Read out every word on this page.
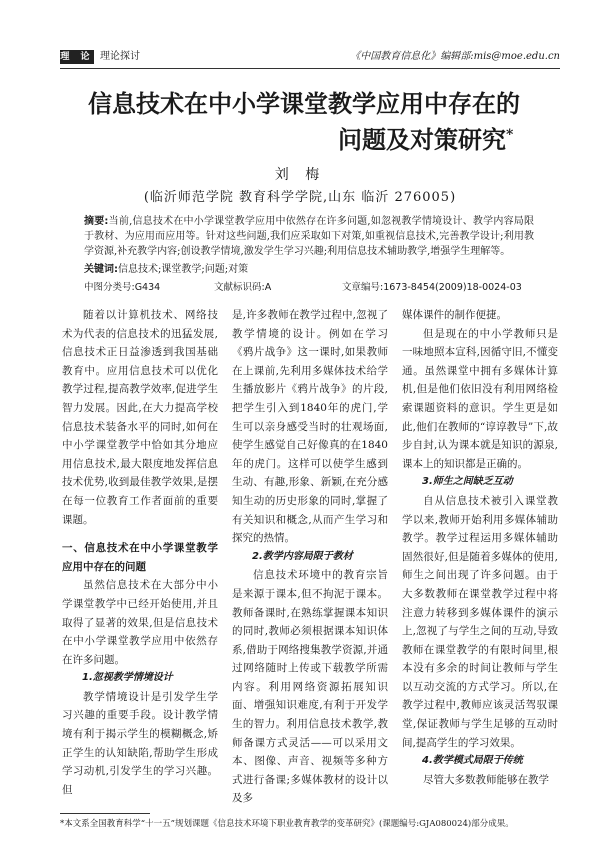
理 论 理论探讨	《中国教育信息化》编辑部:mis@moe.edu.cn
信息技术在中小学课堂教学应用中存在的
问题及对策研究*
刘 梅
(临沂师范学院 教育科学学院,山东 临沂 276005)
摘要:当前,信息技术在中小学课堂教学应用中依然存在许多问题,如忽视教学情境设计、教学内容局限于教材、为应用而应用等。针对这些问题,我们应采取如下对策,如重视信息技术,完善教学设计;利用教学资源,补充教学内容;创设教学情境,激发学生学习兴趣;利用信息技术辅助教学,增强学生理解等。
关键词:信息技术;课堂教学;问题;对策
中图分类号:G434	文献标识码:A	文章编号:1673-8454(2009)18-0024-03

随着以计算机技术、网络技术为代表的信息技术的迅猛发展,信息技术正日益渗透到我国基础教育中。应用信息技术可以优化教学过程,提高教学效率,促进学生智力发展。因此,在大力提高学校信息技术装备水平的同时,如何在中小学课堂教学中恰如其分地应用信息技术,最大限度地发挥信息技术优势,收到最佳教学效果,是摆在每一位教育工作者面前的重要课题。

一、信息技术在中小学课堂教学应用中存在的问题

虽然信息技术在大部分中小学课堂教学中已经开始使用,并且取得了显著的效果,但是信息技术在中小学课堂教学应用中依然存在许多问题。

1.忽视教学情境设计

教学情境设计是引发学生学习兴趣的重要手段。设计教学情境有利于揭示学生的模糊概念,矫正学生的认知缺陷,帮助学生形成学习动机,引发学生的学习兴趣。但

是,许多教师在教学过程中,忽视了教学情境的设计。例如在学习《鸦片战争》这一课时,如果教师在上课前,先利用多媒体技术给学生播放影片《鸦片战争》的片段,把学生引入到1840年的虎门,学生可以亲身感受当时的壮观场面,使学生感觉自己好像真的在1840年的虎门。这样可以使学生感到生动、有趣,形象、新颖,在充分感知生动的历史形象的同时,掌握了有关知识和概念,从而产生学习和探究的热情。

2.教学内容局限于教材

信息技术环境中的教育宗旨是来源于课本,但不拘泥于课本。教师备课时,在熟练掌握课本知识的同时,教师必须根据课本知识体系,借助于网络搜集教学资源,并通过网络随时上传或下载教学所需内容。利用网络资源拓展知识面、增强知识难度,有利于开发学生的智力。利用信息技术教学,教师备课方式灵活——可以采用文本、图像、声音、视频等多种方式进行备课;多媒体教材的设计以及多

媒体课件的制作便捷。

但是现在的中小学教师只是一味地照本宣科,因循守旧,不懂变通。虽然课堂中拥有多媒体计算机,但是他们依旧没有利用网络检索课题资料的意识。学生更是如此,他们在教师的“谆谆教导”下,故步自封,认为课本就是知识的源泉,课本上的知识都是正确的。

3.师生之间缺乏互动

自从信息技术被引入课堂教学以来,教师开始利用多媒体辅助教学。教学过程运用多媒体辅助固然很好,但是随着多媒体的使用,师生之间出现了许多问题。由于大多数教师在课堂教学过程中将注意力转移到多媒体课件的演示上,忽视了与学生之间的互动,导致教师在课堂教学的有限时间里,根本没有多余的时间让教师与学生以互动交流的方式学习。所以,在教学过程中,教师应该灵活驾驭课堂,保证教师与学生足够的互动时间,提高学生的学习效果。

4.教学模式局限于传统

尽管大多数教师能够在教学

*本文系全国教育科学“十一五”规划课题《信息技术环境下职业教育教学的变革研究》(课题编号:GJA080024)部分成果。
